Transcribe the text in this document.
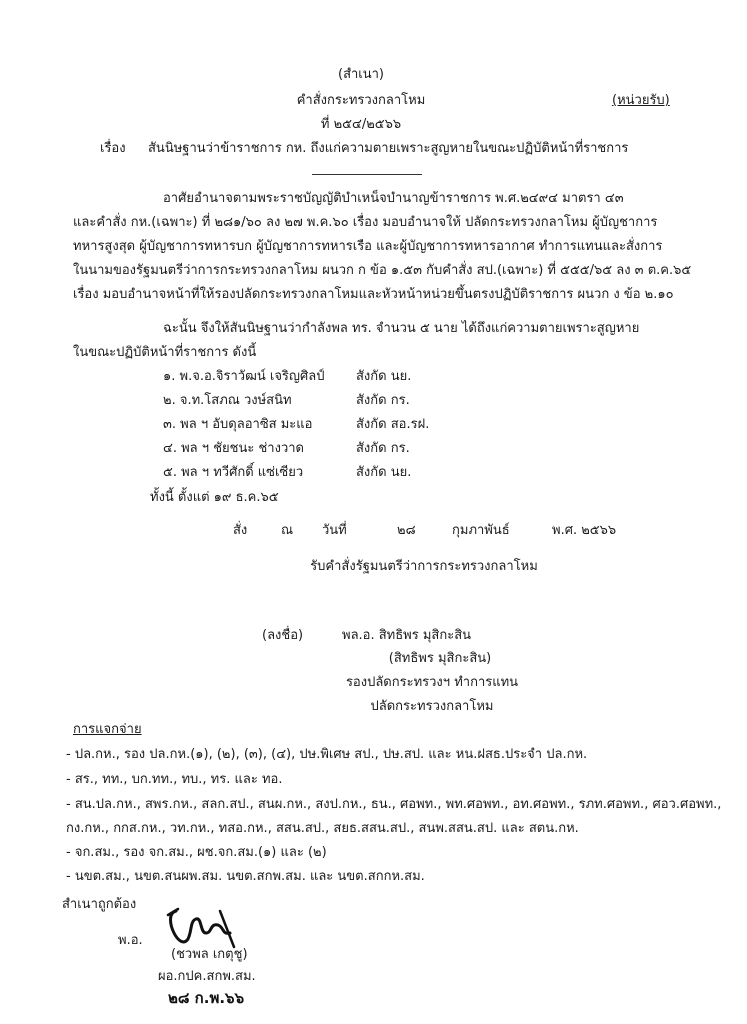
(สำเนา)
คำสั่งกระทรวงกลาโหม	(หน่วยรับ)
ที่ ๒๕๔/๒๕๖๖
เรื่อง สันนิษฐานว่าข้าราชการ กห. ถึงแก่ความตายเพราะสูญหายในขณะปฏิบัติหน้าที่ราชการ
อาศัยอำนาจตามพระราชบัญญัติบำเหน็จบำนาญข้าราชการ พ.ศ.๒๔๙๔ มาตรา ๔๓
และคำสั่ง กห.(เฉพาะ) ที่ ๒๘๑/๖๐ ลง ๒๗ พ.ค.๖๐ เรื่อง มอบอำนาจให้ ปลัดกระทรวงกลาโหม ผู้บัญชาการ
ทหารสูงสุด ผู้บัญชาการทหารบก ผู้บัญชาการทหารเรือ และผู้บัญชาการทหารอากาศ ทำการแทนและสั่งการ
ในนามของรัฐมนตรีว่าการกระทรวงกลาโหม ผนวก ก ข้อ ๑.๕๓ กับคำสั่ง สป.(เฉพาะ) ที่ ๕๕๕/๖๕ ลง ๓ ต.ค.๖๕
เรื่อง มอบอำนาจหน้าที่ให้รองปลัดกระทรวงกลาโหมและหัวหน้าหน่วยขึ้นตรงปฏิบัติราชการ ผนวก ง ข้อ ๒.๑๐
ฉะนั้น จึงให้สันนิษฐานว่ากำลังพล ทร. จำนวน ๕ นาย ได้ถึงแก่ความตายเพราะสูญหาย
ในขณะปฏิบัติหน้าที่ราชการ ดังนี้
๑. พ.จ.อ.จิราวัฒน์ เจริญศิลป์ สังกัด นย.
๒. จ.ท.โสภณ วงษ์สนิท	สังกัด กร.
๓. พล ฯ อับดุลอาซิส มะแอ	สังกัด สอ.รฝ.
๔. พล ฯ ชัยชนะ ช่างวาด	สังกัด กร.
๕. พล ฯ ทวีศักดิ์ แซ่เซียว	สังกัด นย.
ทั้งนี้ ตั้งแต่ ๑๙ ธ.ค.๖๕
สั่ง	ณ วันที่	๒๘	กุมภาพันธ์	พ.ศ. ๒๕๖๖
รับคำสั่งรัฐมนตรีว่าการกระทรวงกลาโหม
(ลงชื่อ)	พล.อ. สิทธิพร มุสิกะสิน
(สิทธิพร มุสิกะสิน)
รองปลัดกระทรวงฯ ทำการแทน
ปลัดกระทรวงกลาโหม
การแจกจ่าย
- ปล.กห., รอง ปล.กห.(๑), (๒), (๓), (๔), ปษ.พิเศษ สป., ปษ.สป. และ หน.ฝสธ.ประจำ ปล.กห.
- สร., ทท., บก.ทท., ทบ., ทร. และ ทอ.
- สน.ปล.กห., สพร.กห., สลก.สป., สนผ.กห., สงป.กห., ธน., ศอพท., พท.ศอพท., อท.ศอพท., รภท.ศอพท., ศอว.ศอพท.,
กง.กห., กกส.กห., วท.กห., ทสอ.กห., สสน.สป., สยธ.สสน.สป., สนพ.สสน.สป. และ สตน.กห.
- จก.สม., รอง จก.สม., ผช.จก.สม.(๑) และ (๒)
- นขต.สม., นขต.สนผพ.สม. นขต.สกพ.สม. และ นขต.สกกห.สม.
สำเนาถูกต้อง
พ.อ.
(ชวพล เกตุชู)
ผอ.กปค.สกพ.สม.
๒๘ ก.พ.๖๖
